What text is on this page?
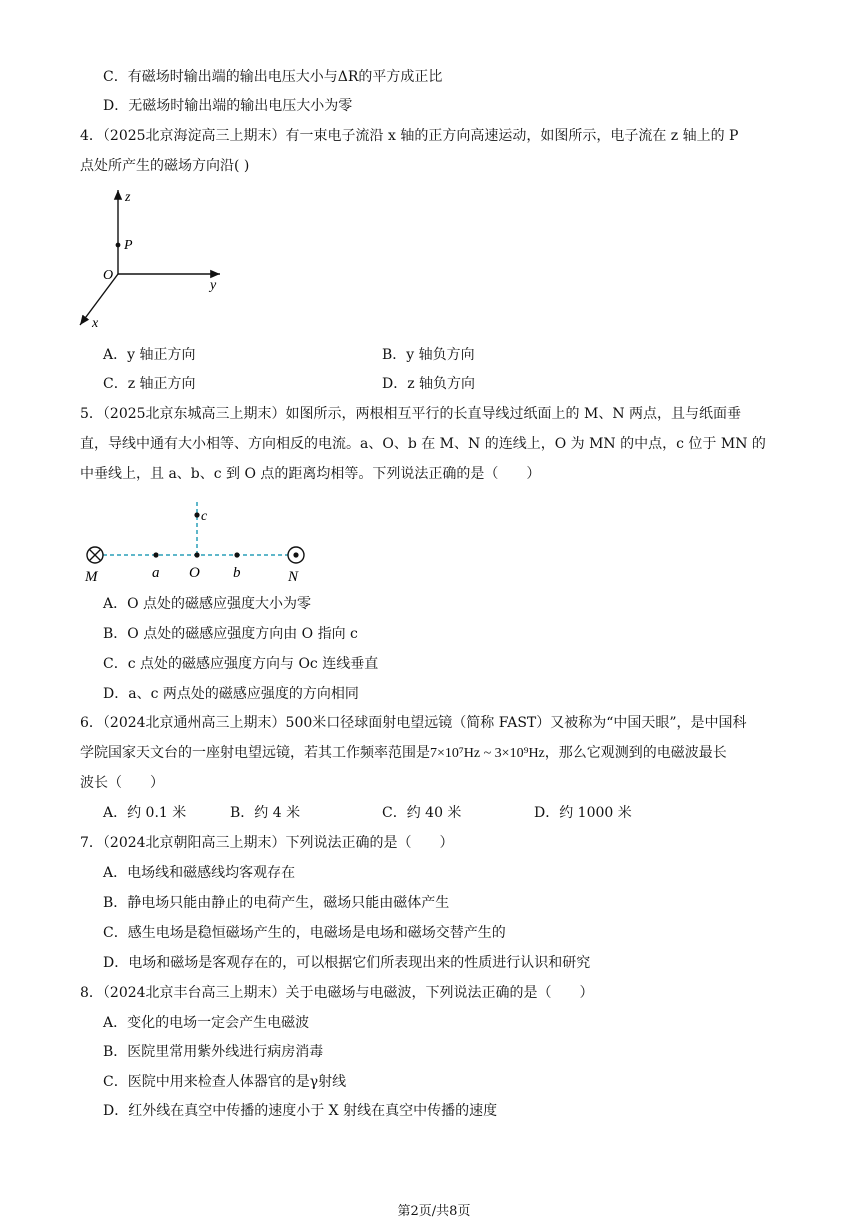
C．有磁场时输出端的输出电压大小与ΔR的平方成正比
D．无磁场时输出端的输出电压大小为零
4．（2025北京海淀高三上期末）有一束电子流沿 x 轴的正方向高速运动，如图所示，电子流在 z 轴上的 P
点处所产生的磁场方向沿( )
z
P
O
y
x
A．y 轴正方向	B．y 轴负方向
C．z 轴正方向	D．z 轴负方向
5．（2025北京东城高三上期末）如图所示，两根相互平行的长直导线过纸面上的 M、N 两点，且与纸面垂
直，导线中通有大小相等、方向相反的电流。a、O、b 在 M、N 的连线上，O 为 MN 的中点，c 位于 MN 的
中垂线上，且 a、b、c 到 O 点的距离均相等。下列说法正确的是（　　）
c
M	a O b	N
A．O 点处的磁感应强度大小为零
B．O 点处的磁感应强度方向由 O 指向 c
C．c 点处的磁感应强度方向与 Oc 连线垂直
D．a、c 两点处的磁感应强度的方向相同
6．（2024北京通州高三上期末）500米口径球面射电望远镜（简称 FAST）又被称为“中国天眼”，是中国科
学院国家天文台的一座射电望远镜，若其工作频率范围是7×10⁷Hz ~ 3×10⁹Hz，那么它观测到的电磁波最长
波长（　　）
A．约 0.1 米	B．约 4 米	C．约 40 米	D．约 1000 米
7．（2024北京朝阳高三上期末）下列说法正确的是（　　）
A．电场线和磁感线均客观存在
B．静电场只能由静止的电荷产生，磁场只能由磁体产生
C．感生电场是稳恒磁场产生的，电磁场是电场和磁场交替产生的
D．电场和磁场是客观存在的，可以根据它们所表现出来的性质进行认识和研究
8．（2024北京丰台高三上期末）关于电磁场与电磁波，下列说法正确的是（　　）
A．变化的电场一定会产生电磁波
B．医院里常用紫外线进行病房消毒
C．医院中用来检查人体器官的是γ射线
D．红外线在真空中传播的速度小于 X 射线在真空中传播的速度
第2页/共8页
